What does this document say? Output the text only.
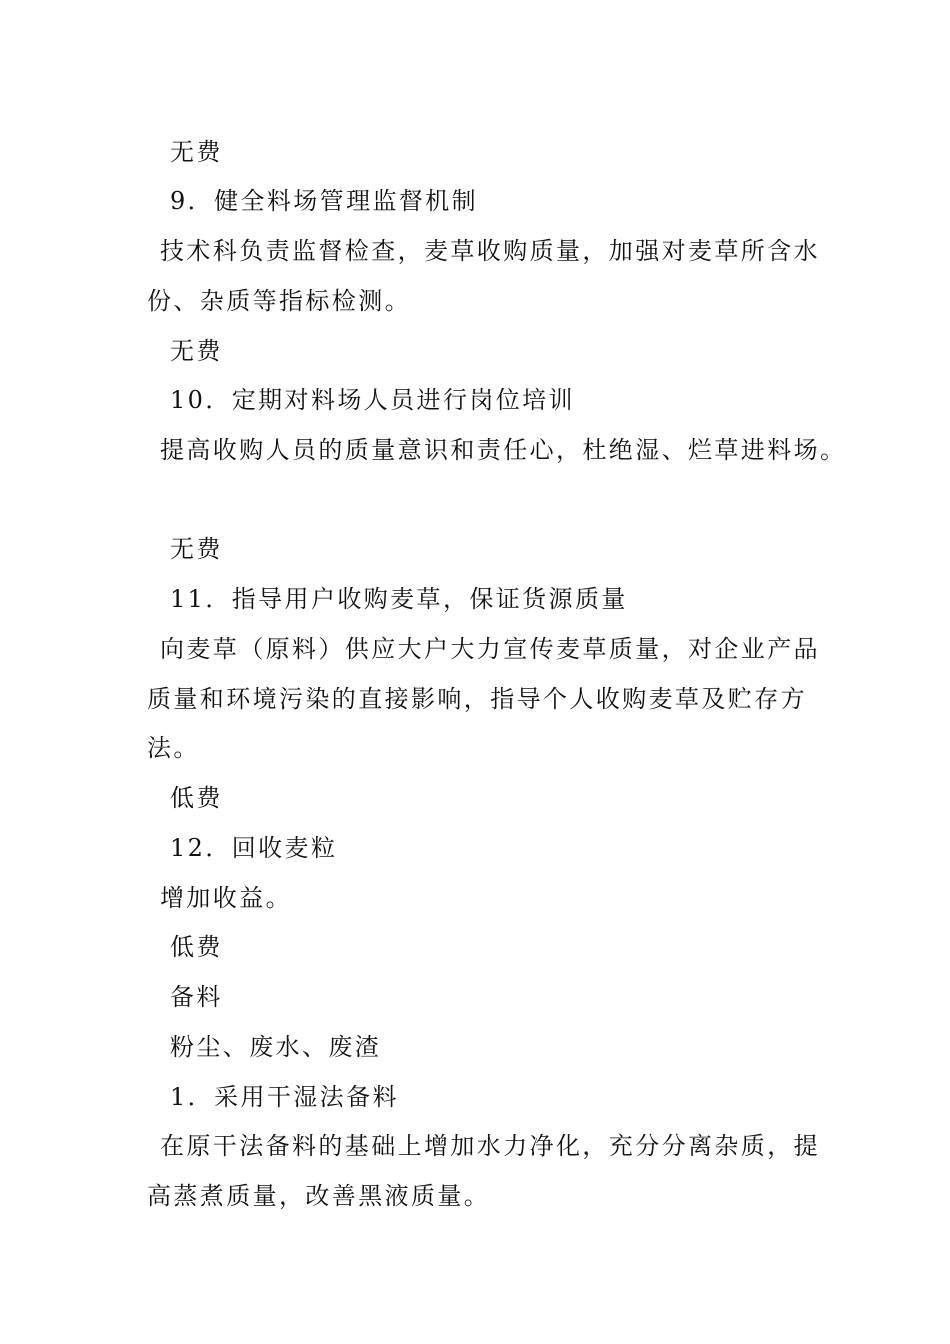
无费
9．健全料场管理监督机制
技术科负责监督检查，麦草收购质量，加强对麦草所含水
份、杂质等指标检测。
无费
10．定期对料场人员进行岗位培训
提高收购人员的质量意识和责任心，杜绝湿、烂草进料场。
无费
11．指导用户收购麦草，保证货源质量
向麦草（原料）供应大户大力宣传麦草质量，对企业产品
质量和环境污染的直接影响，指导个人收购麦草及贮存方
法。
低费
12．回收麦粒
增加收益。
低费
备料
粉尘、废水、废渣
1．采用干湿法备料
在原干法备料的基础上增加水力净化，充分分离杂质，提
高蒸煮质量，改善黑液质量。
